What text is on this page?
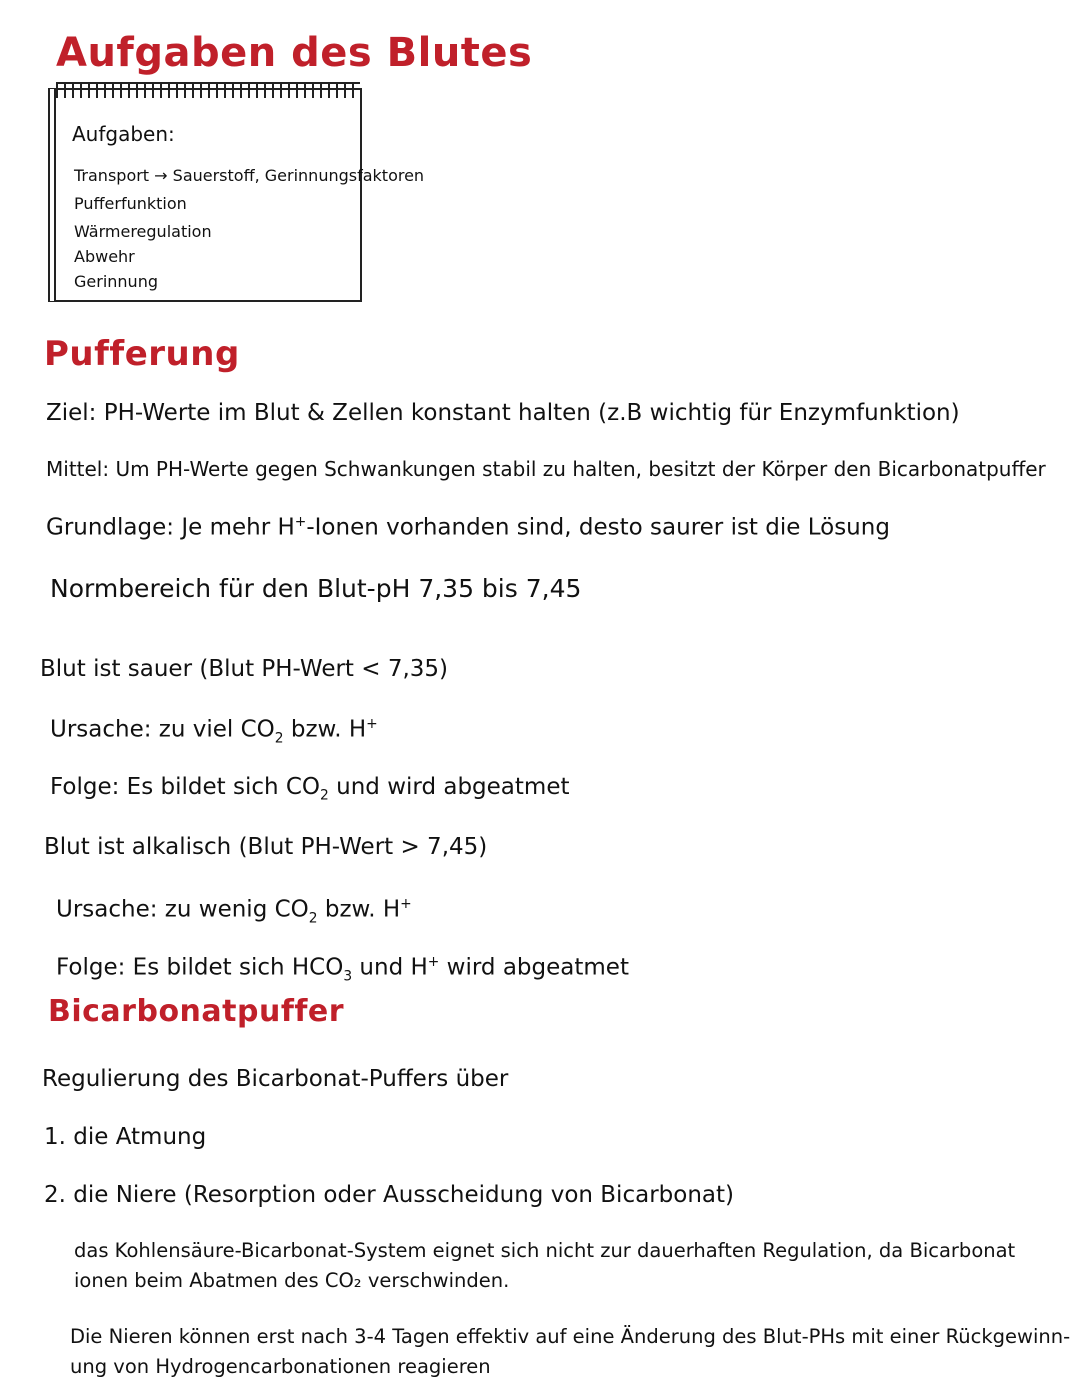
Aufgaben des Blutes
Aufgaben:
Transport → Sauerstoff, Gerinnungsfaktoren
Pufferfunktion
Wärmeregulation
Abwehr
Gerinnung
Pufferung
Ziel: PH-Werte im Blut & Zellen konstant halten (z.B wichtig für Enzymfunktion)
Mittel: Um PH-Werte gegen Schwankungen stabil zu halten, besitzt der Körper den Bicarbonatpuffer
Grundlage: Je mehr H+-Ionen vorhanden sind, desto saurer ist die Lösung
Normbereich für den Blut-pH 7,35 bis 7,45
Blut ist sauer (Blut PH-Wert < 7,35)
Ursache: zu viel $CO_2$ bzw. H+
Folge: Es bildet sich $CO_2$ und wird abgeatmet
Blut ist alkalisch (Blut PH-Wert > 7,45)
Ursache: zu wenig $CO_2$ bzw. H+
Folge: Es bildet sich $HCO_3$ und H+ wird abgeatmet
Bicarbonatpuffer
Regulierung des Bicarbonat-Puffers über
1. die Atmung
2. die Niere (Resorption oder Ausscheidung von Bicarbonat)
das Kohlensäure-Bicarbonat-System eignet sich nicht zur dauerhaften Regulation, da Bicarbonat
ionen beim Abatmen des CO₂ verschwinden.
Die Nieren können erst nach 3-4 Tagen effektiv auf eine Änderung des Blut-PHs mit einer Rückgewinn-
ung von Hydrogencarbonationen reagieren
